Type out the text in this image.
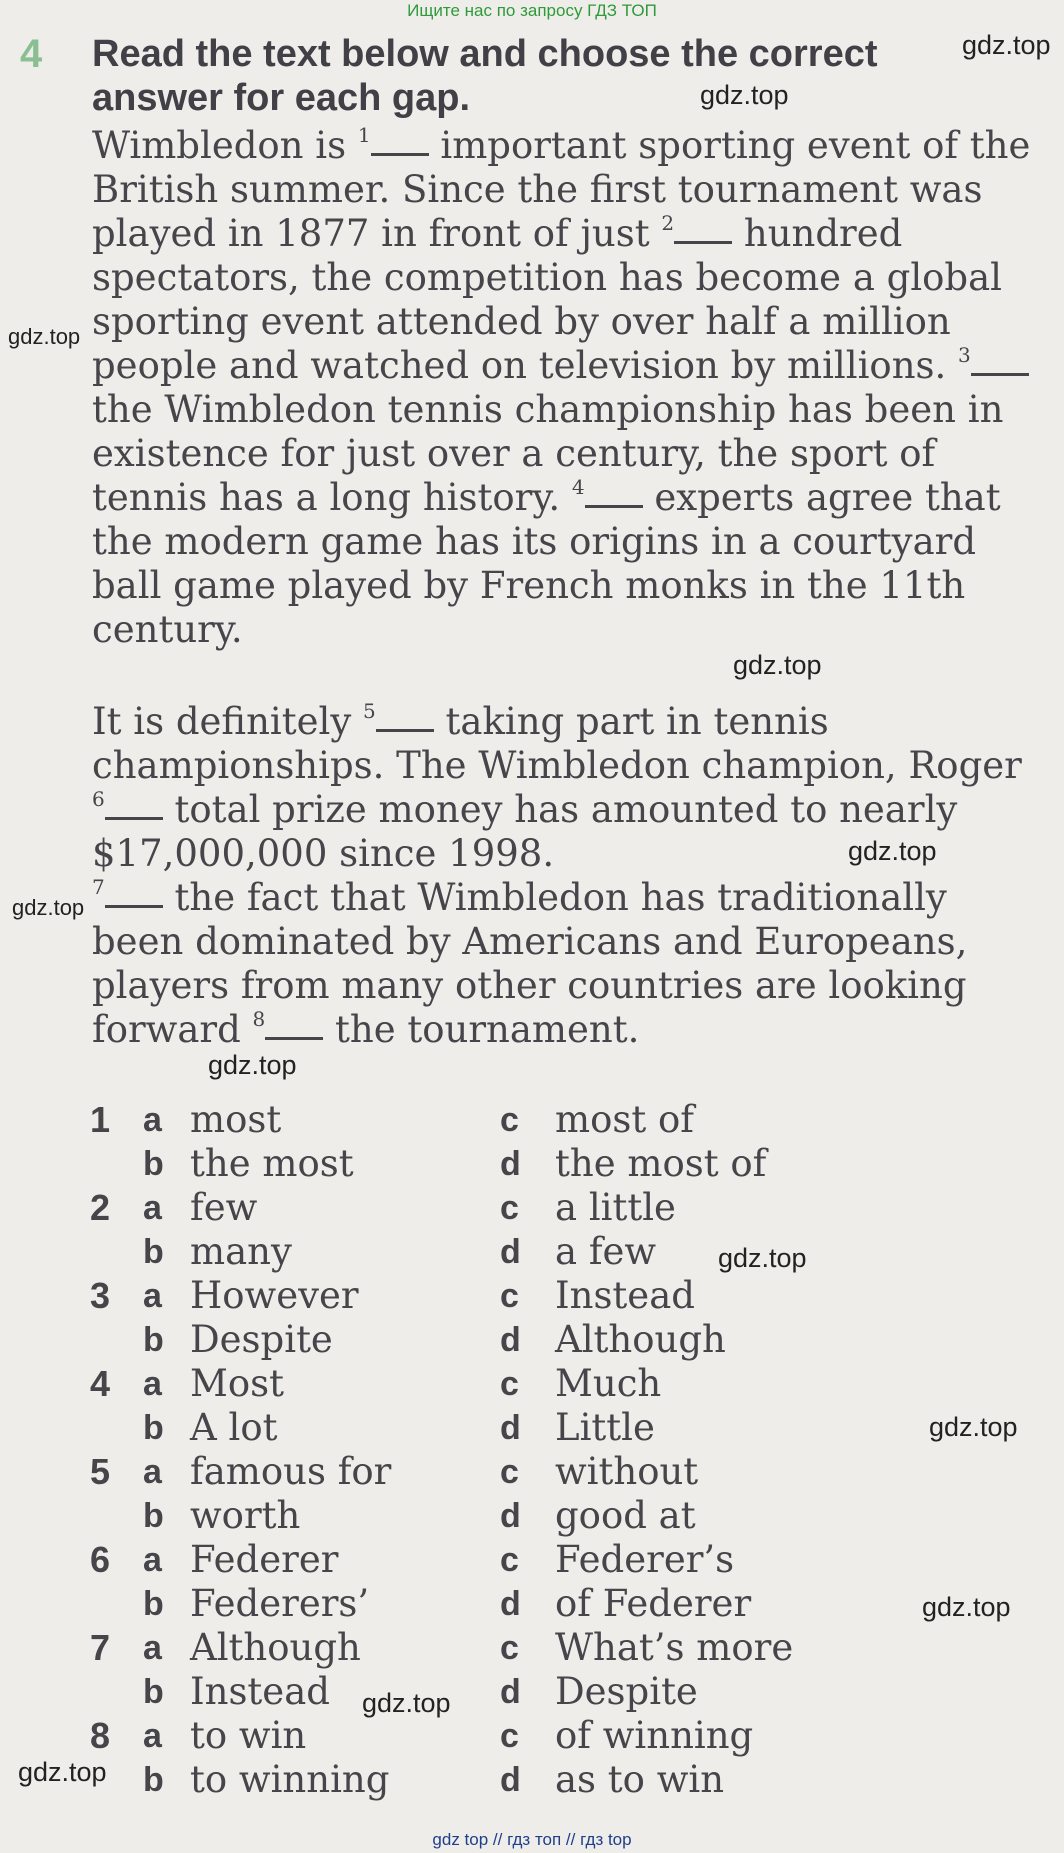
Ищите нас по запросу ГДЗ ТОП
4 Read the text below and choose the correct
answer for each gap.
Wimbledon is $^1$ important sporting event of the British summer. Since the first tournament was played in 1877 in front of just $^2$ hundred spectators, the competition has become a global sporting event attended by over half a million people and watched on television by millions. $^3$ the Wimbledon tennis championship has been in existence for just over a century, the sport of tennis has a long history. $^4$ experts agree that the modern game has its origins in a courtyard ball game played by French monks in the 11th century.
It is definitely $^5$ taking part in tennis championships. The Wimbledon champion, Roger $^6$ total prize money has amounted to nearly $17,000,000 since 1998.
$^7$ the fact that Wimbledon has traditionally been dominated by Americans and Europeans, players from many other countries are looking forward $^8$ the tournament.
1 a most	c most of
b the most	d the most of
2 a few	c a little
b many	d a few
3 a However	c Instead
b Despite	d Although
4 a Most	c Much
b A lot	d Little
5 a famous for	c without
b worth	d good at
6 a Federer	c Federer’s
b Federers’	d of Federer
7 a Although	c What’s more
b Instead	d Despite
8 a to win	c of winning
b to winning	d as to win
gdz.top
gdz.top
gdz.top
gdz.top
gdz.top
gdz.top
gdz.top
gdz.top
gdz.top
gdz.top
gdz.top
gdz.top
gdz top // гдз топ // гдз top
